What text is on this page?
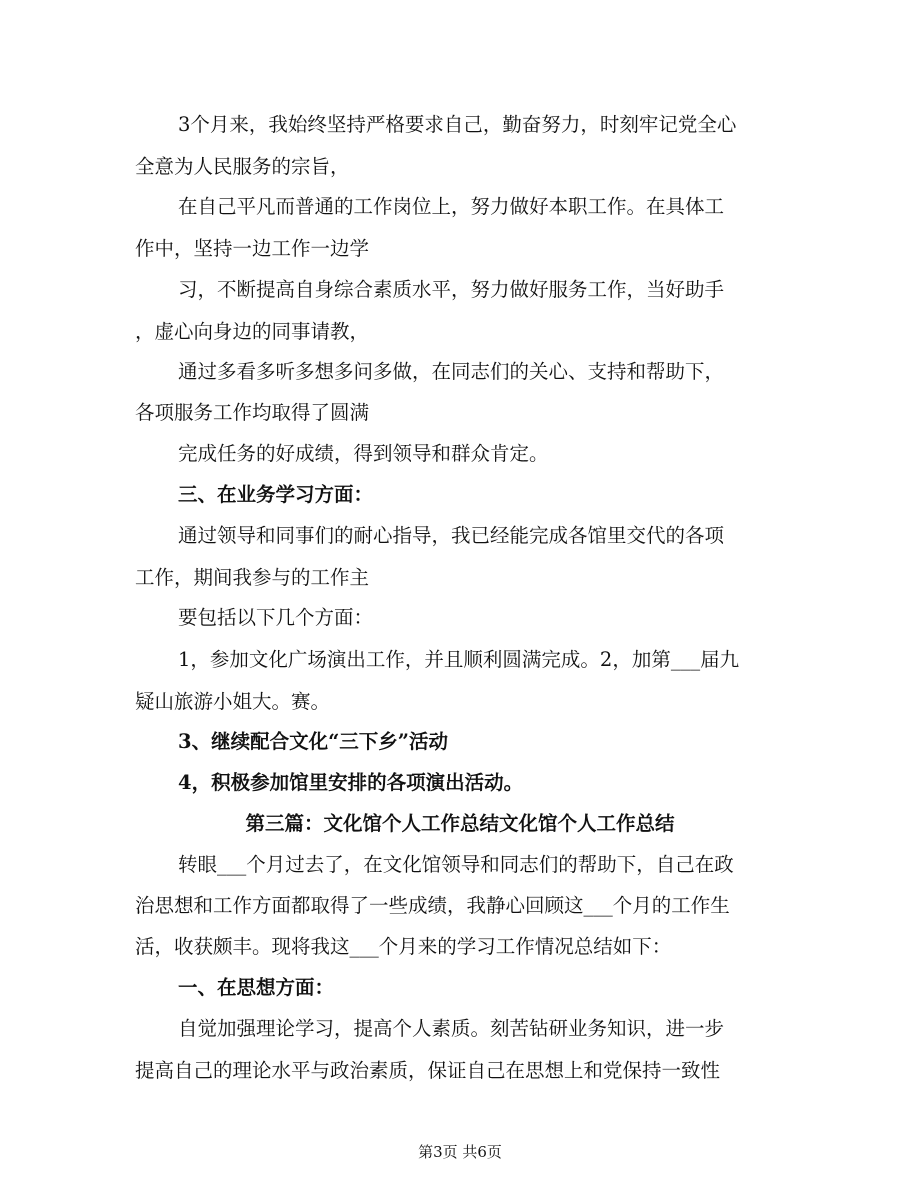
3个月来，我始终坚持严格要求自己，勤奋努力，时刻牢记党全心
全意为人民服务的宗旨，
在自己平凡而普通的工作岗位上，努力做好本职工作。在具体工
作中，坚持一边工作一边学
习，不断提高自身综合素质水平，努力做好服务工作，当好助手
，虚心向身边的同事请教，
通过多看多听多想多问多做，在同志们的关心、支持和帮助下，
各项服务工作均取得了圆满
完成任务的好成绩，得到领导和群众肯定。
三、在业务学习方面：
通过领导和同事们的耐心指导，我已经能完成各馆里交代的各项
工作，期间我参与的工作主
要包括以下几个方面：
1，参加文化广场演出工作，并且顺利圆满完成。2，加第___届九
疑山旅游小姐大。赛。
3、继续配合文化“三下乡”活动
4，积极参加馆里安排的各项演出活动。
第三篇：文化馆个人工作总结文化馆个人工作总结
转眼___个月过去了，在文化馆领导和同志们的帮助下，自己在政
治思想和工作方面都取得了一些成绩，我静心回顾这___个月的工作生
活，收获颇丰。现将我这___个月来的学习工作情况总结如下：
一、在思想方面：
自觉加强理论学习，提高个人素质。刻苦钻研业务知识，进一步
提高自己的理论水平与政治素质，保证自己在思想上和党保持一致性
第3页 共6页
